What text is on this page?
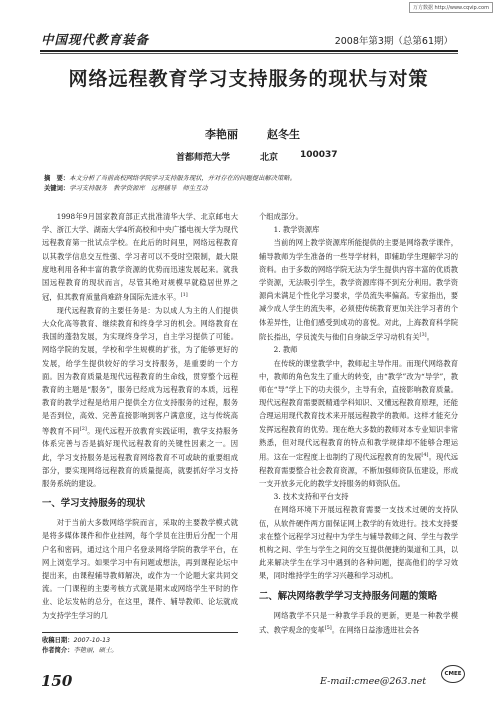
万方数据 http://www.cqvip.com
中国现代教育装备	2008年第3期（总第61期）
网络远程教育学习支持服务的现状与对策
李艳丽	赵冬生
首都师范大学	北京 100037
摘　要：本文分析了当前高校网络学院学习支持服务现状，并对存在的问题提出解决策略。
关键词：学习支持服务　教学资源库　远程辅导　师生互动

1998年9月国家教育部正式批准清华大学、北京邮电大学、浙江大学、湖南大学4所高校和中央广播电视大学为现代远程教育第一批试点学校。在此后的时间里，网络远程教育以其教学信息交互性强、学习者可以不受时空限制，最大限度地利用各种丰富的教学资源的优势而迅速发展起来。就我国远程教育的现状而言，尽管其绝对规模早就稳居世界之冠，但其教育质量尚难跻身国际先进水平。[1]

现代远程教育的主要任务是：为以成人为主的人们提供大众化高等教育、继续教育和终身学习的机会。网络教育在我国的蓬勃发展，为实现终身学习，自主学习提供了可能。网络学院的发展，学校和学生规模的扩张，为了能够更好的发展，给学生提供较好的学习支持服务，是重要的一个方面。因为教育质量是现代远程教育的生命线，贯穿整个远程教育的主题是“服务”，服务已经成为远程教育的本质，远程教育的教学过程是给用户提供全方位支持服务的过程，服务是否到位，高效、完善直接影响到客户满意度，这与传统高等教育不同[2]。现代远程开放教育实践证明，教学支持服务体系完善与否是搞好现代远程教育的关键性因素之一。因此，学习支持服务是远程教育网络教育不可或缺的重要组成部分，要实现网络远程教育的质量提高，就要抓好学习支持服务系统的建设。

一、学习支持服务的现状

对于当前大多数网络学院而言，采取的主要教学模式就是将多媒体课件和作业挂网，每个学员在注册后分配一个用户名和密码，通过这个用户名登录网络学院的教学平台，在网上浏览学习。如果学习中有问题或想法，再到课程论坛中提出来，由课程辅导教师解决，或作为一个论题大家共同交流。一门课程的主要考核方式就是期末或网络学生平时的作业、论坛发帖的总分，在这里，课件、辅导教师、论坛就成为支持学生学习的几

收稿日期：2007-10-13
作者简介：李艳丽，硕士。

个组成部分。

1. 教学资源库

当前的网上教学资源库所能提供的主要是网络教学课件，辅导教师为学生准备的一些导学材料，即辅助学生理解学习的资料。由于多数的网络学院无法为学生提供内容丰富的优质教学资源，无法吸引学生，教学资源库得不到充分利用。教学资源尚未满足个性化学习要求，学员流失率偏高。专家指出，要减少成人学生的流失率，必须使传统教育更加关注学习者的个体差异性，让他们感受到成功的喜悦。对此，上海教育科学院院长指出，学员流失与他们自身缺乏学习动机有关[3]。

2. 教师

在传统的课堂教学中，教师起主导作用。而现代网络教育中，教师的角色发生了重大的转变，由“教学”改为“导学”，教师在“导”学上下的功夫很少，主导有余，直接影响教育质量。现代远程教育需要既精通学科知识、又懂远程教育原理，还能合理运用现代教育技术来开展远程教学的教师。这样才能充分发挥远程教育的优势。现在绝大多数的教师对本专业知识非常熟悉，但对现代远程教育的特点和教学规律却不能够合理运用。这在一定程度上也制约了现代远程教育的发展[4]。现代远程教育需要整合社会教育资源，不断加强师资队伍建设，形成一支开放多元化的教学支持服务的师资队伍。

3. 技术支持和平台支持

在网络环境下开展远程教育需要一支技术过硬的支持队伍，从软件硬件两方面保证网上教学的有效进行。技术支持要求在整个远程学习过程中为学生与辅导教师之间、学生与教学机构之间、学生与学生之间的交互提供便捷的渠道和工具，以此来解决学生在学习中遇到的各种问题，提高他们的学习效果，同时维持学生的学习兴趣和学习动机。

二、解决网络教学学习支持服务问题的策略

网络教学不只是一种教学手段的更新，更是一种教学模式、教学观念的变革[5]。在网络日益渗透进社会各

150	E-mail:cmee@263.net
CMEE
